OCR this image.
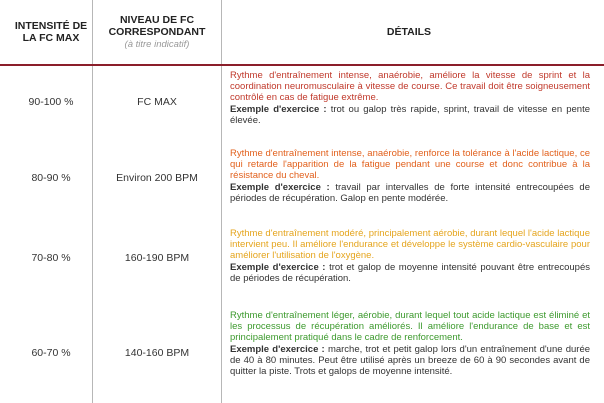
INTENSITÉ DE LA FC MAX
NIVEAU DE FC CORRESPONDANT
(à titre indicatif)
DÉTAILS
90-100 %	FC MAX
Rythme d'entraînement intense, anaérobie, améliore la vitesse de sprint et la coordination neuromusculaire à vitesse de course. Ce travail doit être soigneusement contrôlé en cas de fatigue extrême.
Exemple d'exercice : trot ou galop très rapide, sprint, travail de vitesse en pente élevée.
80-90 %	Environ 200 BPM
Rythme d'entraînement intense, anaérobie, renforce la tolérance à l'acide lactique, ce qui retarde l'apparition de la fatigue pendant une course et donc contribue à la résistance du cheval.
Exemple d'exercice : travail par intervalles de forte intensité entrecoupées de périodes de récupération. Galop en pente modérée.
70-80 %	160-190 BPM
Rythme d'entraînement modéré, principalement aérobie, durant lequel l'acide lactique intervient peu. Il améliore l'endurance et développe le système cardio-vasculaire pour améliorer l'utilisation de l'oxygène.
Exemple d'exercice : trot et galop de moyenne intensité pouvant être entrecoupés de périodes de récupération.
60-70 %	140-160 BPM
Rythme d'entraînement léger, aérobie, durant lequel tout acide lactique est éliminé et les processus de récupération améliorés. Il améliore l'endurance de base et est principalement pratiqué dans le cadre de renforcement.
Exemple d'exercice : marche, trot et petit galop lors d'un entraînement d'une durée de 40 à 80 minutes. Peut être utilisé après un breeze de 60 à 90 secondes avant de quitter la piste. Trots et galops de moyenne intensité.
